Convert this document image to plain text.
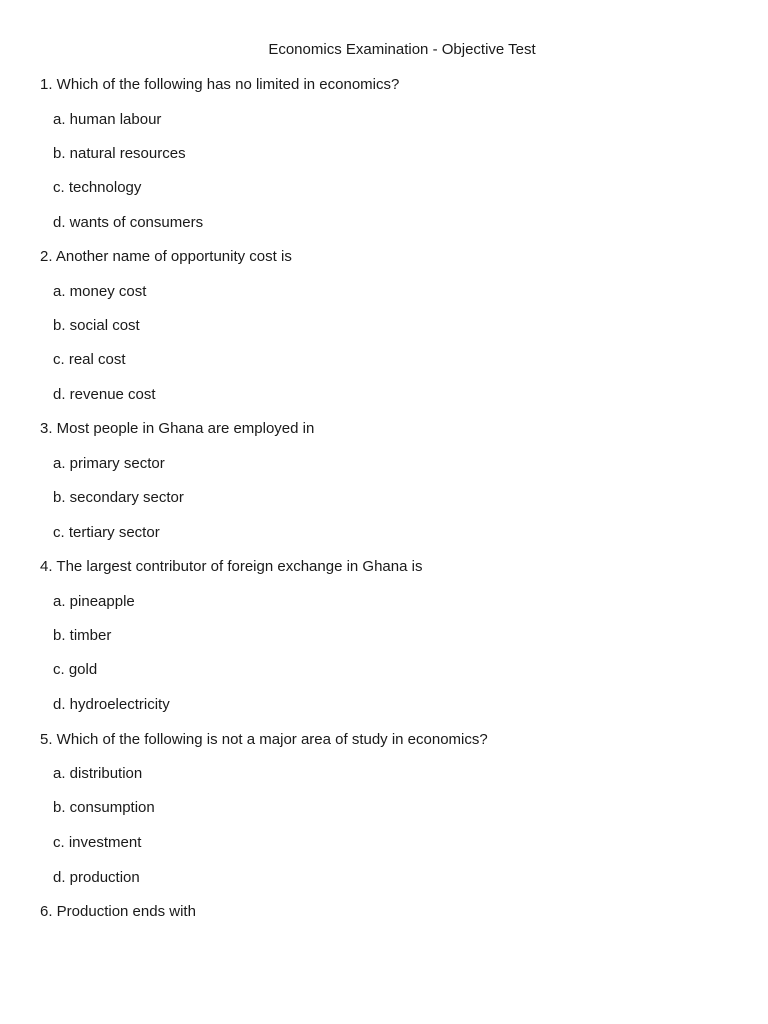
Economics Examination - Objective Test
1. Which of the following has no limited in economics?
a. human labour
b. natural resources
c. technology
d. wants of consumers
2. Another name of opportunity cost is
a. money cost
b. social cost
c. real cost
d. revenue cost
3. Most people in Ghana are employed in
a. primary sector
b. secondary sector
c. tertiary sector
4. The largest contributor of foreign exchange in Ghana is
a. pineapple
b. timber
c. gold
d. hydroelectricity
5. Which of the following is not a major area of study in economics?
a. distribution
b. consumption
c. investment
d. production
6. Production ends with
